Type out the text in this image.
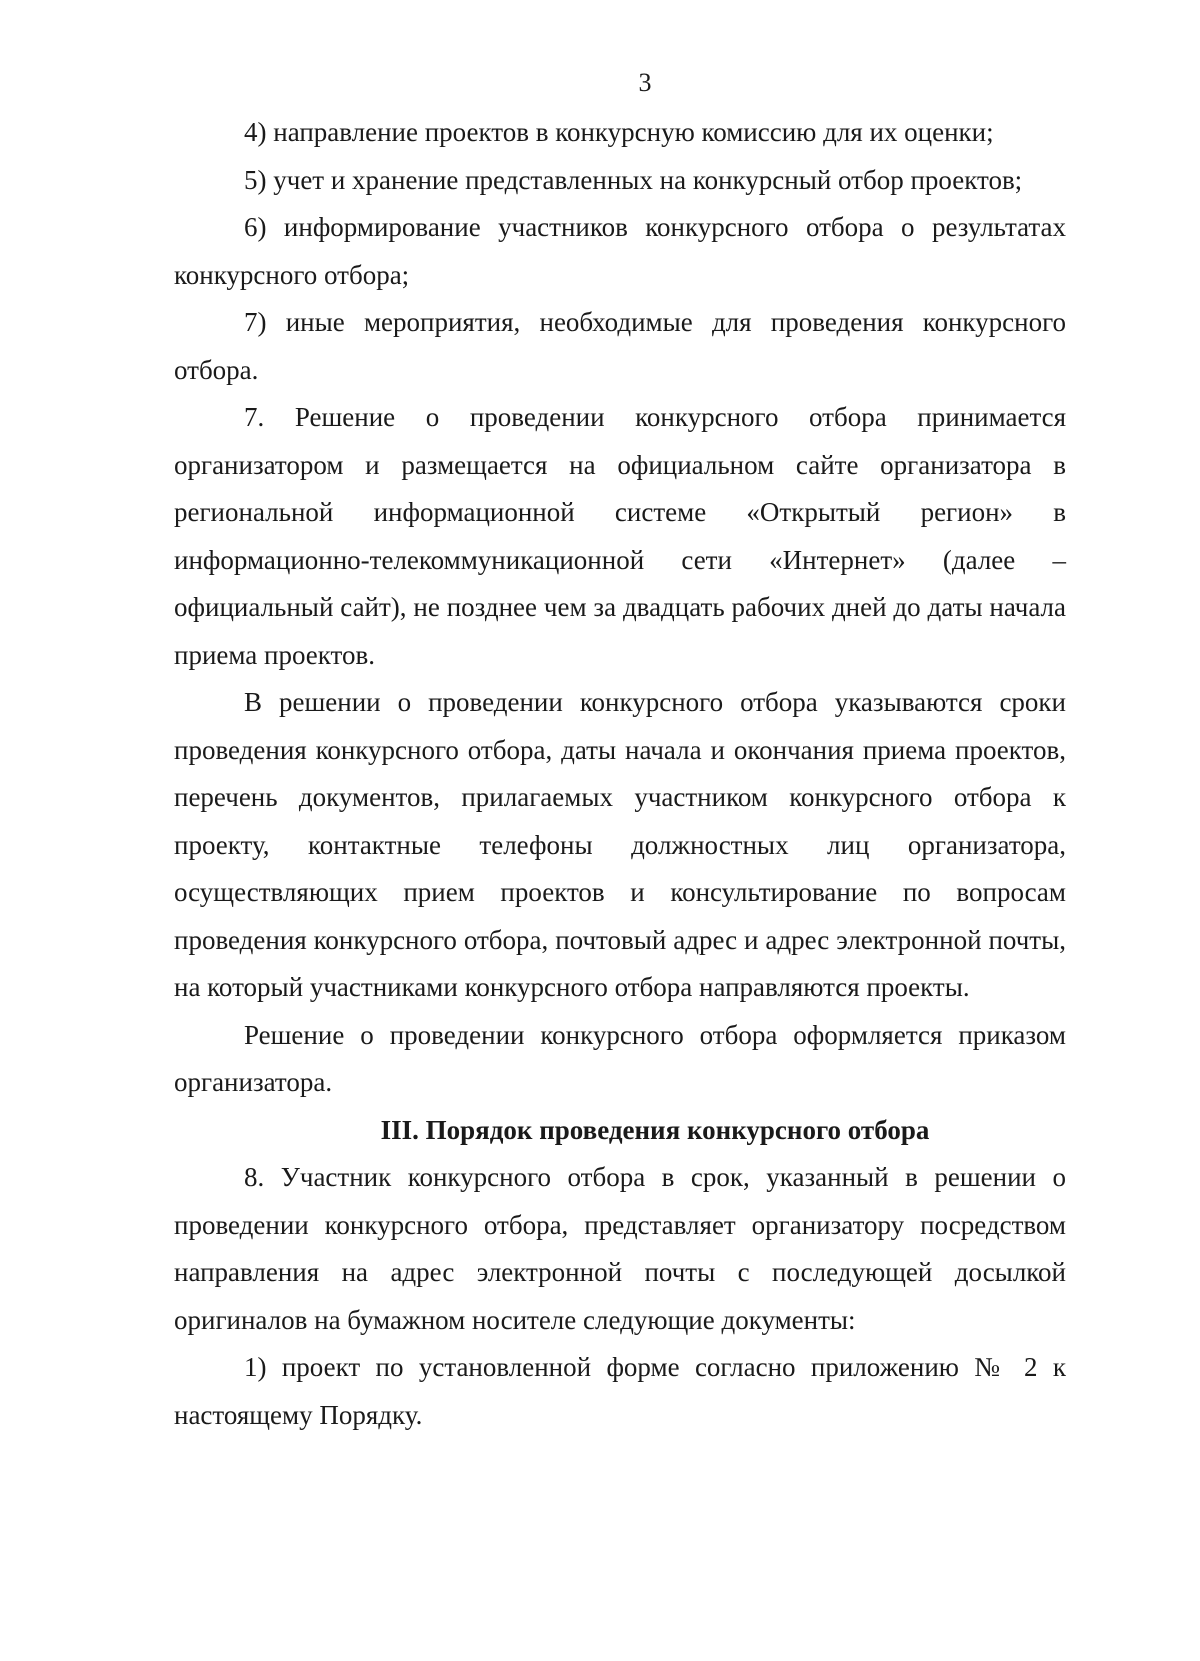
3

4) направление проектов в конкурсную комиссию для их оценки;

5) учет и хранение представленных на конкурсный отбор проектов;

6) информирование участников конкурсного отбора о результатах конкурсного отбора;

7) иные мероприятия, необходимые для проведения конкурсного отбора.

7. Решение о проведении конкурсного отбора принимается организатором и размещается на официальном сайте организатора в региональной информационной системе «Открытый регион» в информационно-телекоммуникационной сети «Интернет» (далее – официальный сайт), не позднее чем за двадцать рабочих дней до даты начала приема проектов.

В решении о проведении конкурсного отбора указываются сроки проведения конкурсного отбора, даты начала и окончания приема проектов, перечень документов, прилагаемых участником конкурсного отбора к проекту, контактные телефоны должностных лиц организатора, осуществляющих прием проектов и консультирование по вопросам проведения конкурсного отбора, почтовый адрес и адрес электронной почты, на который участниками конкурсного отбора направляются проекты.

Решение о проведении конкурсного отбора оформляется приказом организатора.

III. Порядок проведения конкурсного отбора

8. Участник конкурсного отбора в срок, указанный в решении о проведении конкурсного отбора, представляет организатору посредством направления на адрес электронной почты с последующей досылкой оригиналов на бумажном носителе следующие документы:

1) проект по установленной форме согласно приложению № 2 к настоящему Порядку.
